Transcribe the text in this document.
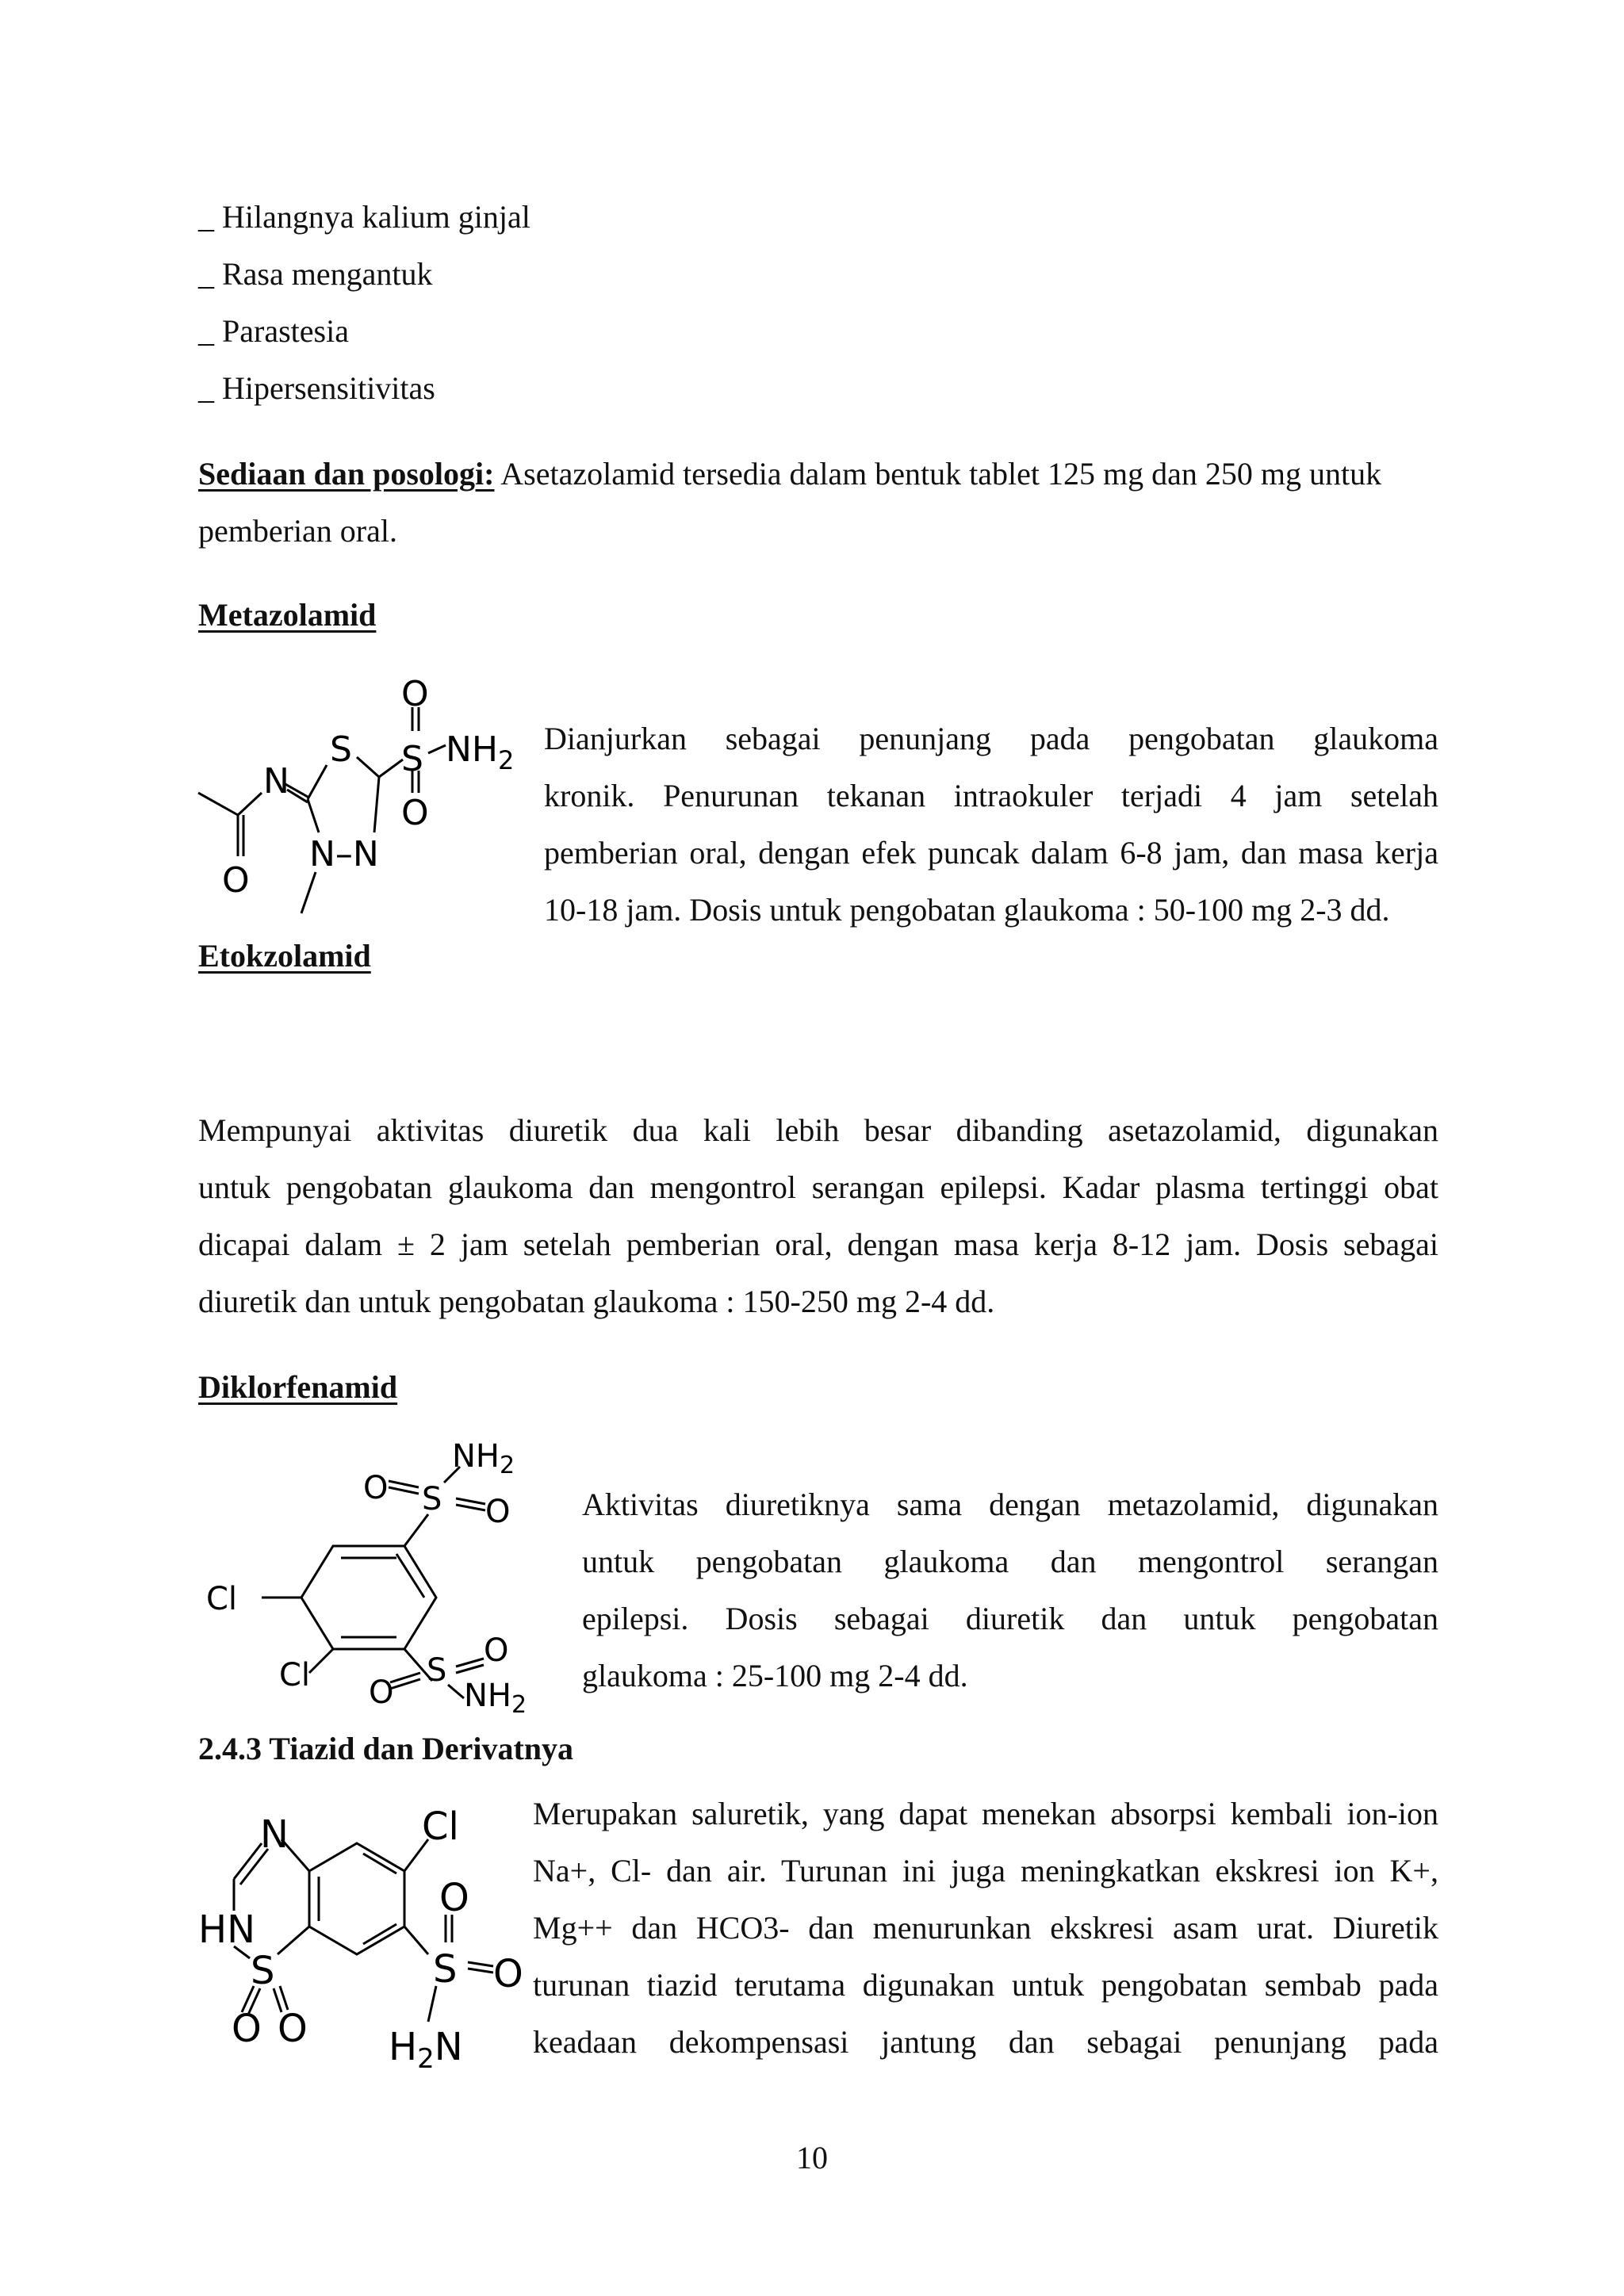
_ Hilangnya kalium ginjal
_ Rasa mengantuk
_ Parastesia
_ Hipersensitivitas
Sediaan dan posologi: Asetazolamid tersedia dalam bentuk tablet 125 mg dan 250 mg untuk
pemberian oral.
Metazolamid
O
N
S
N–N
S
O
O
$NH_2$
Dianjurkan sebagai penunjang pada pengobatan glaukoma
kronik. Penurunan tekanan intraokuler terjadi 4 jam setelah
pemberian oral, dengan efek puncak dalam 6-8 jam, dan masa kerja
10-18 jam. Dosis untuk pengobatan glaukoma : 50-100 mg 2-3 dd.
Etokzolamid
Mempunyai aktivitas diuretik dua kali lebih besar dibanding asetazolamid, digunakan
untuk pengobatan glaukoma dan mengontrol serangan epilepsi. Kadar plasma tertinggi obat
dicapai dalam ± 2 jam setelah pemberian oral, dengan masa kerja 8-12 jam. Dosis sebagai
diuretik dan untuk pengobatan glaukoma : 150-250 mg 2-4 dd.
Diklorfenamid
O S O
$NH_2$
Cl
Cl	S
O
O $NH_2$
Aktivitas diuretiknya sama dengan metazolamid, digunakan
untuk pengobatan glaukoma dan mengontrol serangan
epilepsi. Dosis sebagai diuretik dan untuk pengobatan
glaukoma : 25-100 mg 2-4 dd.
2.4.3 Tiazid dan Derivatnya
N	Cl
HN
S
O O
S
O
O
$H_2N$
Merupakan saluretik, yang dapat menekan absorpsi kembali ion-ion
Na+, Cl- dan air. Turunan ini juga meningkatkan ekskresi ion K+,
Mg++ dan HCO3- dan menurunkan ekskresi asam urat. Diuretik
turunan tiazid terutama digunakan untuk pengobatan sembab pada
keadaan dekompensasi jantung dan sebagai penunjang pada
10
